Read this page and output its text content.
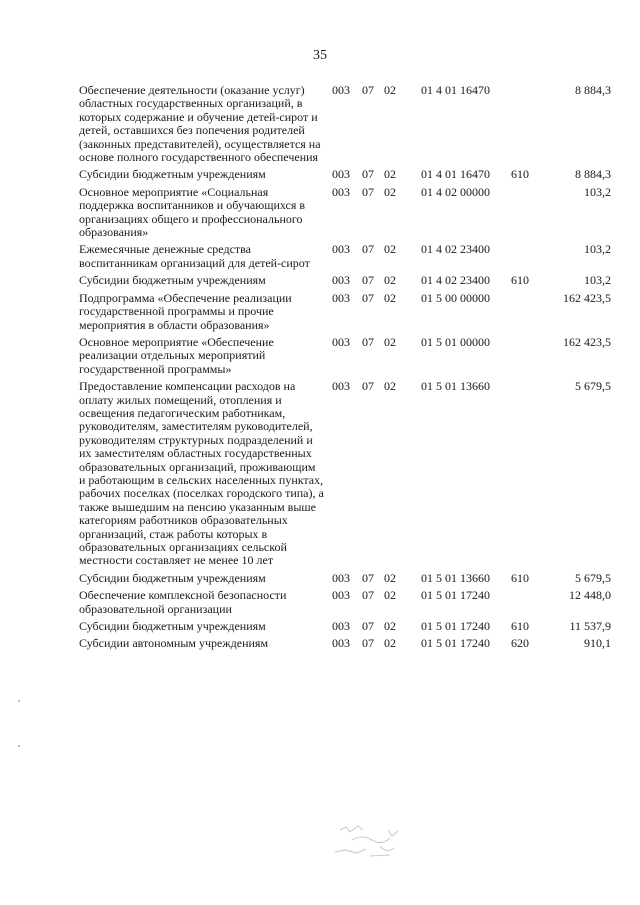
35
Обеспечение деятельности (оказание услуг) областных государственных организаций, в которых содержание и обучение детей-сирот и детей, оставшихся без попечения родителей (законных представителей), осуществляется на основе полного государственного обеспечения	003	07	02	01 4 01 16470		8 884,3
Субсидии бюджетным учреждениям	003	07	02	01 4 01 16470	610	8 884,3
Основное мероприятие «Социальная поддержка воспитанников и обучающихся в организациях общего и профессионального образования»	003	07	02	01 4 02 00000		103,2
Ежемесячные денежные средства воспитанникам организаций для детей-сирот	003	07	02	01 4 02 23400		103,2
Субсидии бюджетным учреждениям	003	07	02	01 4 02 23400	610	103,2
Подпрограмма «Обеспечение реализации государственной программы и прочие мероприятия в области образования»	003	07	02	01 5 00 00000		162 423,5
Основное мероприятие «Обеспечение реализации отдельных мероприятий государственной программы»	003	07	02	01 5 01 00000		162 423,5
Предоставление компенсации расходов на оплату жилых помещений, отопления и освещения педагогическим работникам, руководителям, заместителям руководителей, руководителям структурных подразделений и их заместителям областных государственных образовательных организаций, проживающим и работающим в сельских населенных пунктах, рабочих поселках (поселках городского типа), а также вышедшим на пенсию указанным выше категориям работников образовательных организаций, стаж работы которых в образовательных организациях сельской местности составляет не менее 10 лет	003	07	02	01 5 01 13660		5 679,5
Субсидии бюджетным учреждениям	003	07	02	01 5 01 13660	610	5 679,5
Обеспечение комплексной безопасности образовательной организации	003	07	02	01 5 01 17240		12 448,0
Субсидии бюджетным учреждениям	003	07	02	01 5 01 17240	610	11 537,9
Субсидии автономным учреждениям	003	07	02	01 5 01 17240	620	910,1
